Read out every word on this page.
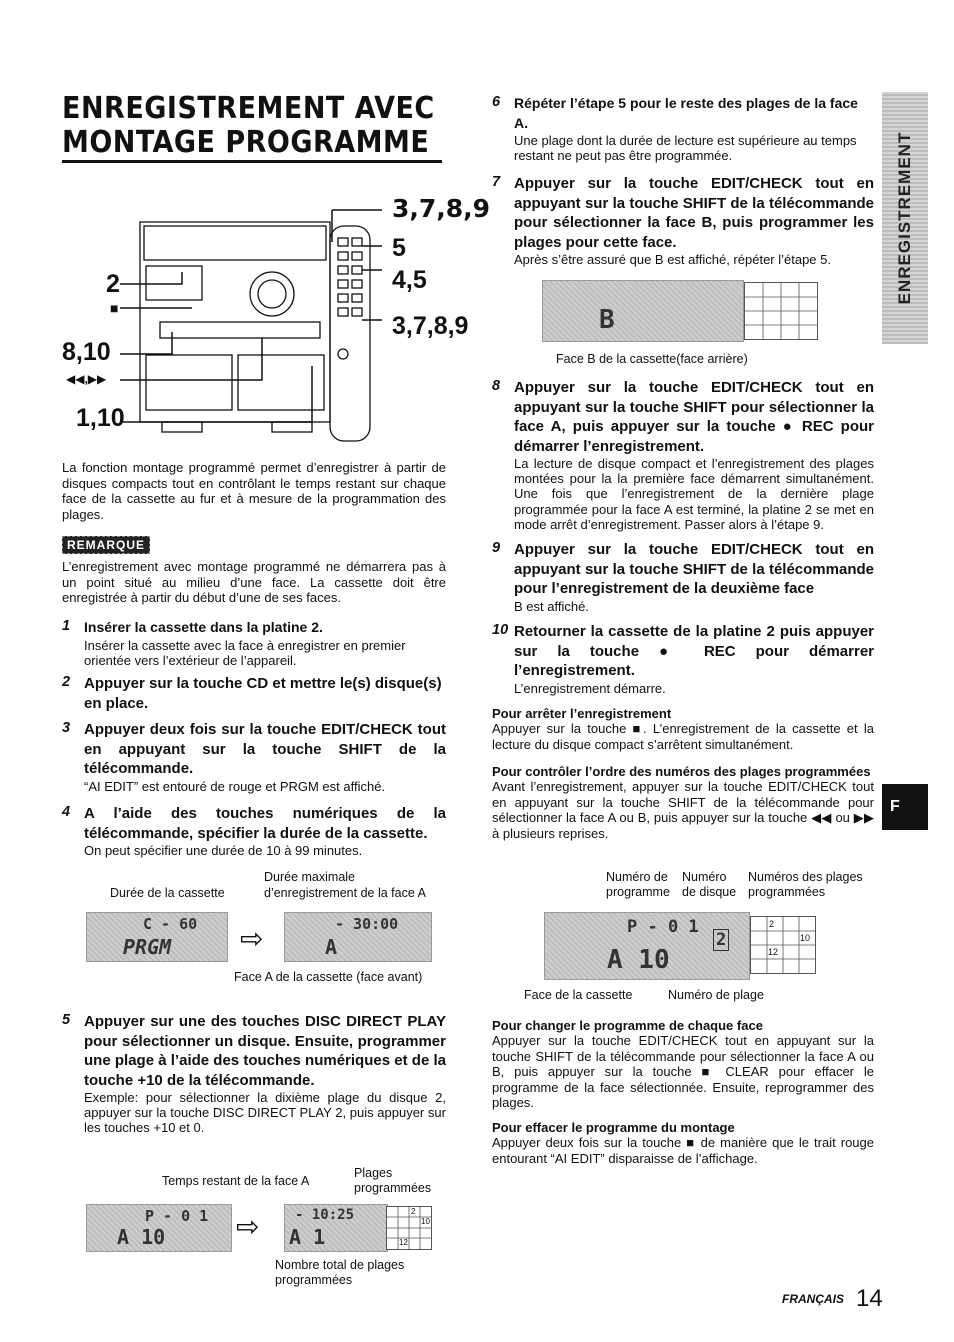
ENREGISTREMENT AVEC
MONTAGE PROGRAMME
3,7,8,9
5
4,5
3,7,8,9
2
■
8,10
◀◀,▶▶
1,10

La fonction montage programmé permet d’enregistrer à partir de disques compacts tout en contrôlant le temps restant sur chaque face de la cassette au fur et à mesure de la programmation des plages.

REMARQUE

L’enregistrement avec montage programmé ne démarrera pas à un point situé au milieu d’une face. La cassette doit être enregistrée à partir du début d’une de ses faces.

1 Insérer la cassette dans la platine 2.
Insérer la cassette avec la face à enregistrer en premier orientée vers l’extérieur de l’appareil.
2 Appuyer sur la touche CD et mettre le(s) disque(s) en place.
3 Appuyer deux fois sur la touche EDIT/CHECK tout en appuyant sur la touche SHIFT de la télécommande.
“AI EDIT” est entouré de rouge et PRGM est affiché.
4 A l’aide des touches numériques de la télécommande, spécifier la durée de la cassette.
On peut spécifier une durée de 10 à 99 minutes.
Durée maximale
Durée de la cassette	d’enregistrement de la face A
C - 60
PRGM ⇨	- 30:00
A
Face A de la cassette (face avant)
5 Appuyer sur une des touches DISC DIRECT PLAY pour sélectionner un disque. Ensuite, programmer une plage à l’aide des touches numériques et de la touche +10 de la télécommande.
Exemple: pour sélectionner la dixième plage du disque 2, appuyer sur la touche DISC DIRECT PLAY 2, puis appuyer sur les touches +10 et 0.
Plages
programmées
Temps restant de la face A
P - 0 1
A 10	⇨	- 10:25
A 1
2
10
12
Nombre total de plages
programmées
6 Répéter l’étape 5 pour le reste des plages de la face A.
Une plage dont la durée de lecture est supérieure au temps restant ne peut pas être programmée.
7 Appuyer sur la touche EDIT/CHECK tout en appuyant sur la touche SHIFT de la télécommande pour sélectionner la face B, puis programmer les plages pour cette face.
Après s’être assuré que B est affiché, répéter l’étape 5.
B
Face B de la cassette(face arrière)
8 Appuyer sur la touche EDIT/CHECK tout en appuyant sur la touche SHIFT pour sélectionner la face A, puis appuyer sur la touche ● REC pour démarrer l’enregistrement.
La lecture de disque compact et l’enregistrement des plages montées pour la la première face démarrent simultanément. Une fois que l’enregistrement de la dernière plage programmée pour la face A est terminé, la platine 2 se met en mode arrêt d’enregistrement. Passer alors à l’étape 9.
9 Appuyer sur la touche EDIT/CHECK tout en appuyant sur la touche SHIFT de la télécommande pour l’enregistrement de la deuxième face
B est affiché.
10 Retourner la cassette de la platine 2 puis appuyer sur la touche ● REC pour démarrer l’enregistrement.
L’enregistrement démarre.
Pour arrêter l’enregistrement

Appuyer sur la touche ■. L’enregistrement de la cassette et la lecture du disque compact s’arrêtent simultanément.

Pour contrôler l’ordre des numéros des plages programmées

Avant l’enregistrement, appuyer sur la touche EDIT/CHECK tout en appuyant sur la touche SHIFT de la télécommande pour sélectionner la face A ou B, puis appuyer sur la touche ◀◀ ou ▶▶ à plusieurs reprises.

Numéro de
programme
Numéro
de disque
Numéros des plages
programmées
P - 0 1
2
A 10
2
10
12
Face de la cassette	Numéro de plage
Pour changer le programme de chaque face

Appuyer sur la touche EDIT/CHECK tout en appuyant sur la touche SHIFT de la télécommande pour sélectionner la face A ou B, puis appuyer sur la touche ■ CLEAR pour effacer le programme de la face sélectionnée. Ensuite, reprogrammer des plages.

Pour effacer le programme du montage

Appuyer deux fois sur la touche ■ de manière que le trait rouge entourant “AI EDIT” disparaisse de l’affichage.

ENREGISTREMENT
F
FRANÇAIS 14
